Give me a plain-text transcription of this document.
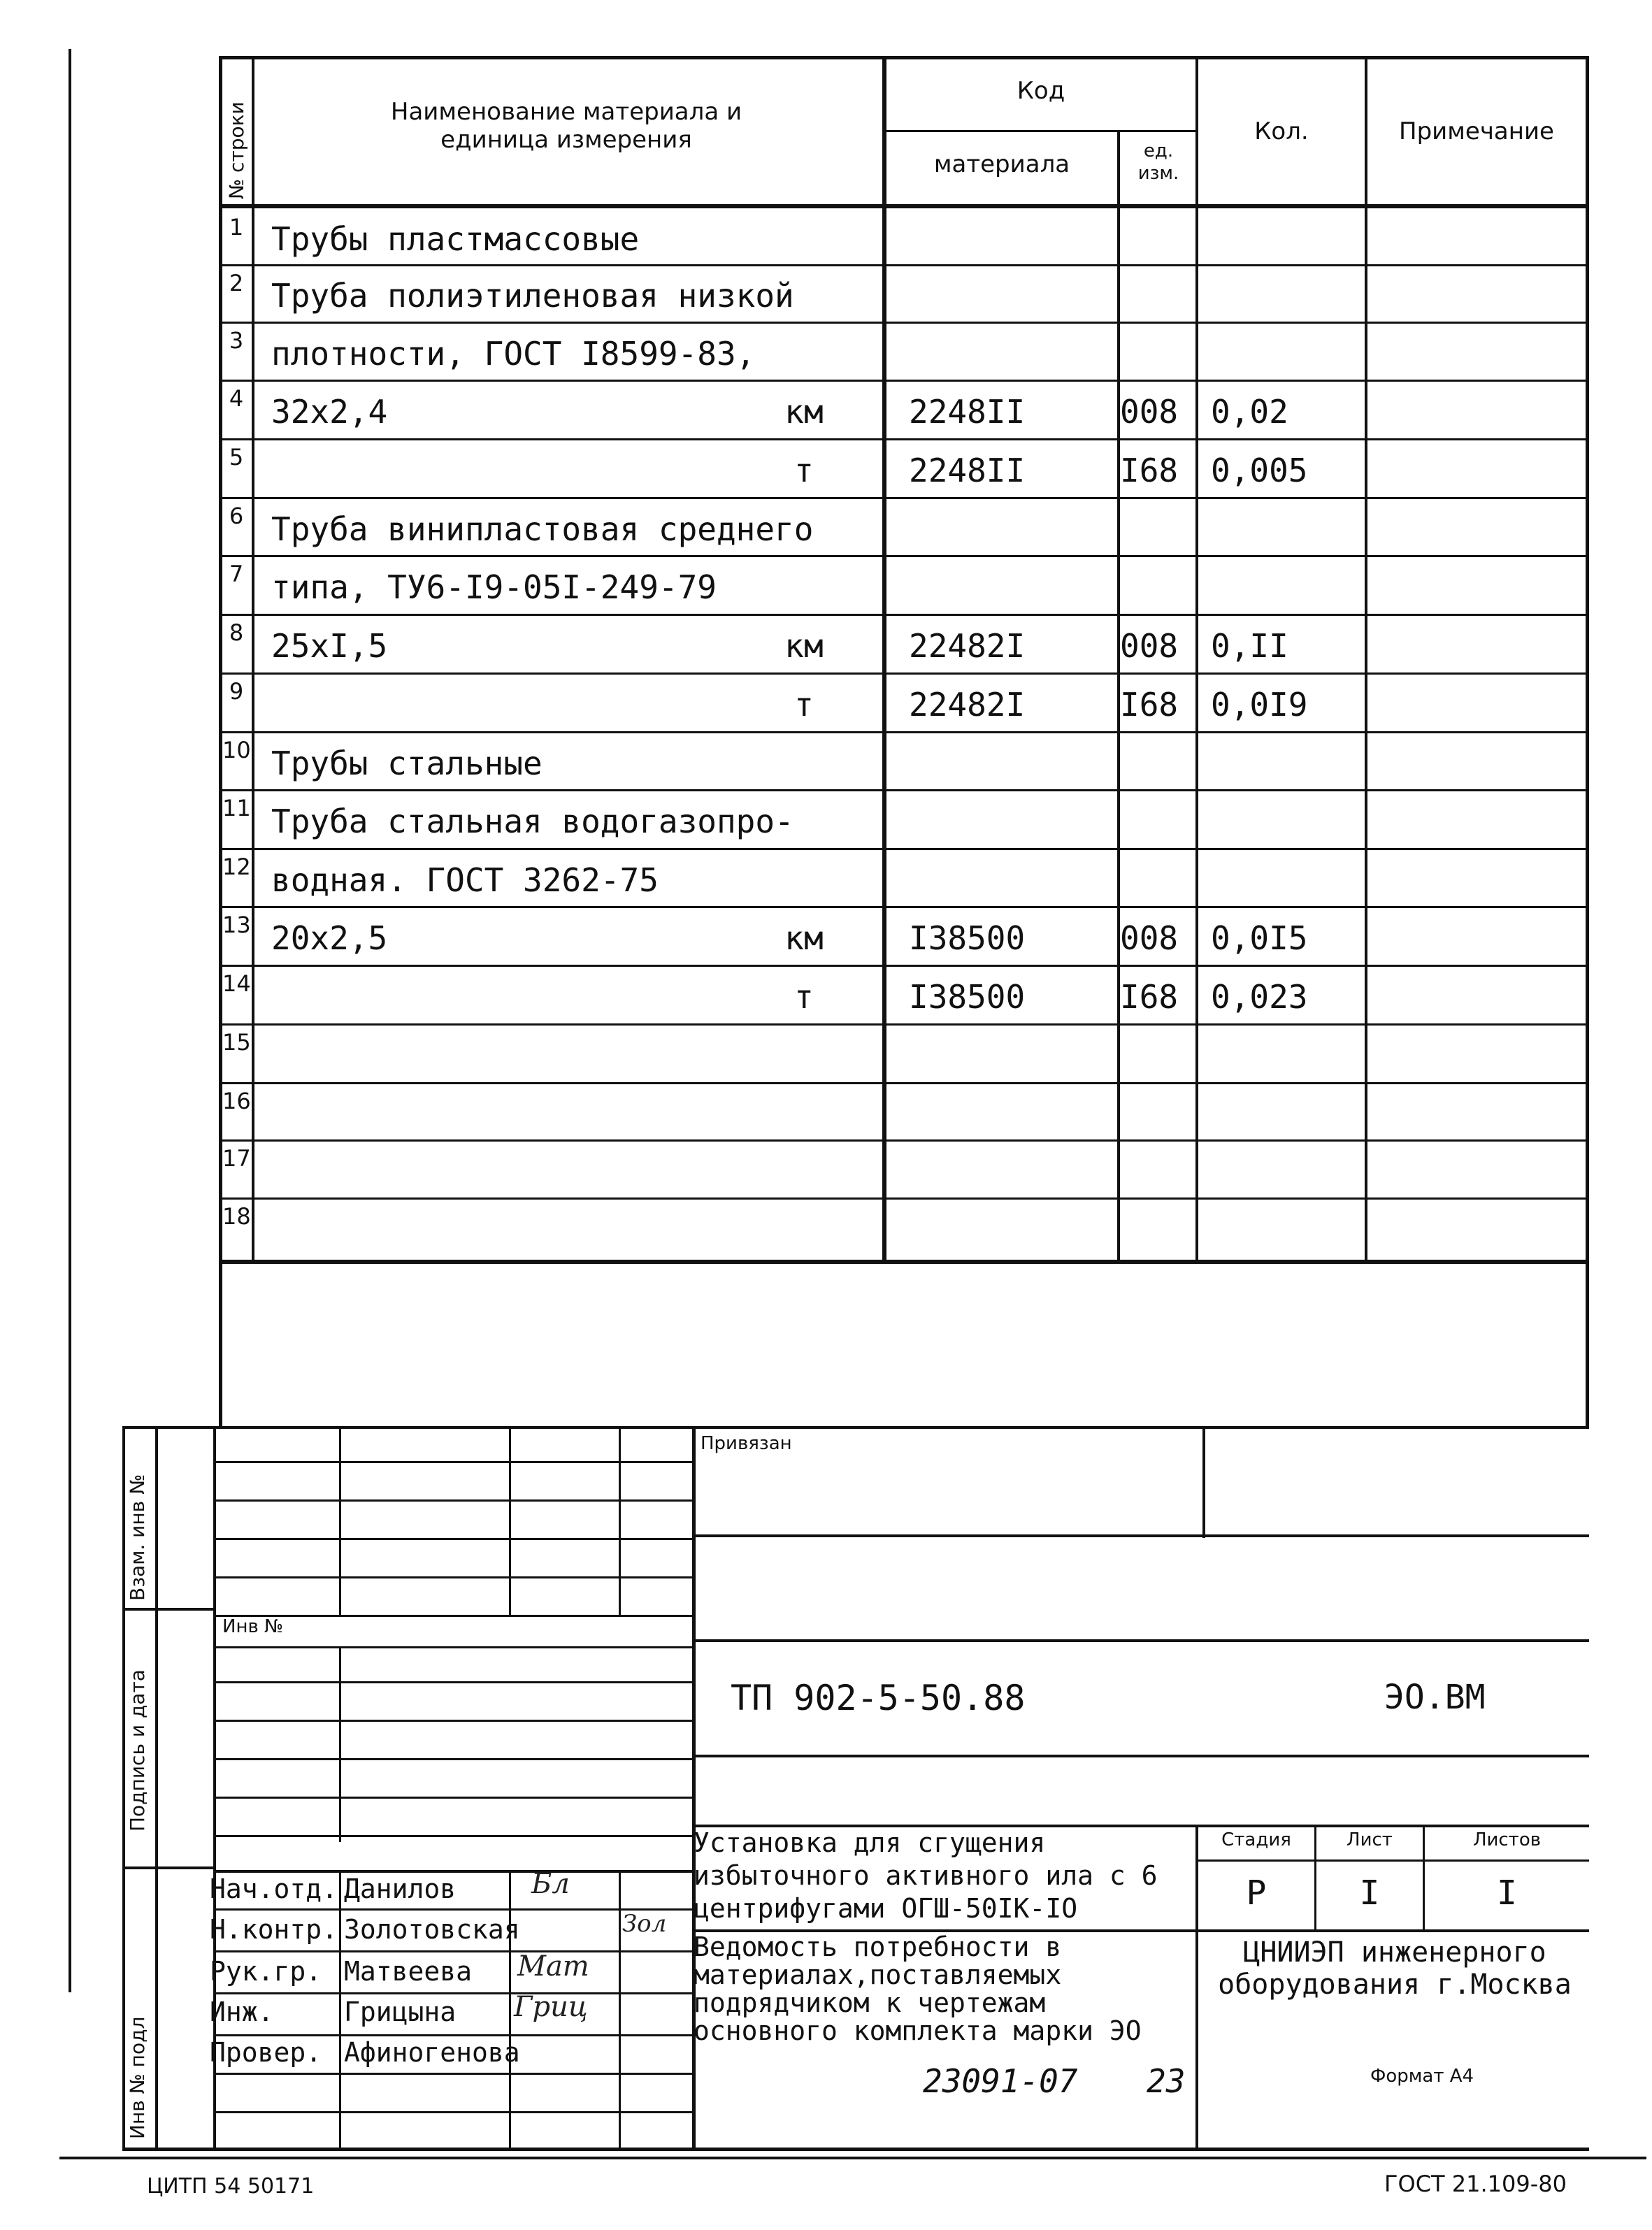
№ строки	Наименование материала и единица измерения
Код
материала	ед. изм.
Кол.	Примечание
1 Трубы пластмассовые
2 Труба полиэтиленовая низкой
3 плотности, ГОСТ I8599-83,
4 32x2,4	км	2248II	008 0,02
5	т	2248II	I68 0,005
6 Труба винипластовая среднего
7 типа, ТУ6-I9-05I-249-79
8 25xI,5	км	22482I	008 0,II
9	т	22482I	I68 0,0I9
10 Трубы стальные
11 Труба стальная водогазопро-
12 водная. ГОСТ 3262-75
13 20x2,5	км	I38500	008 0,0I5
14	т	I38500	I68 0,023
15
16
17
18
Инв № подл
Подпись и дата
Взам. инв №
Инв №
Привязан
ТП 902-5-50.88	ЭО.ВМ
Установка для сгущения избыточного активного ила с 6 центрифугами ОГШ-50IК-IO
Ведомость потребности в материалах,поставляемых подрядчиком к чертежам основного комплекта марки ЭО
Стадия	Лист	Листов
Р	I	I
ЦНИИЭП инженерного оборудования г.Москва
Нач.отд. Данилов
Н.контр. Золотовская
Рук.гр. Матвеева
Инж.	Грицына
Провер. Афиногенова
Бл
Зол
Мат
Гриц
23091-07 23	Формат А4
ЦИТП 54 50171	ГОСТ 21.109-80
